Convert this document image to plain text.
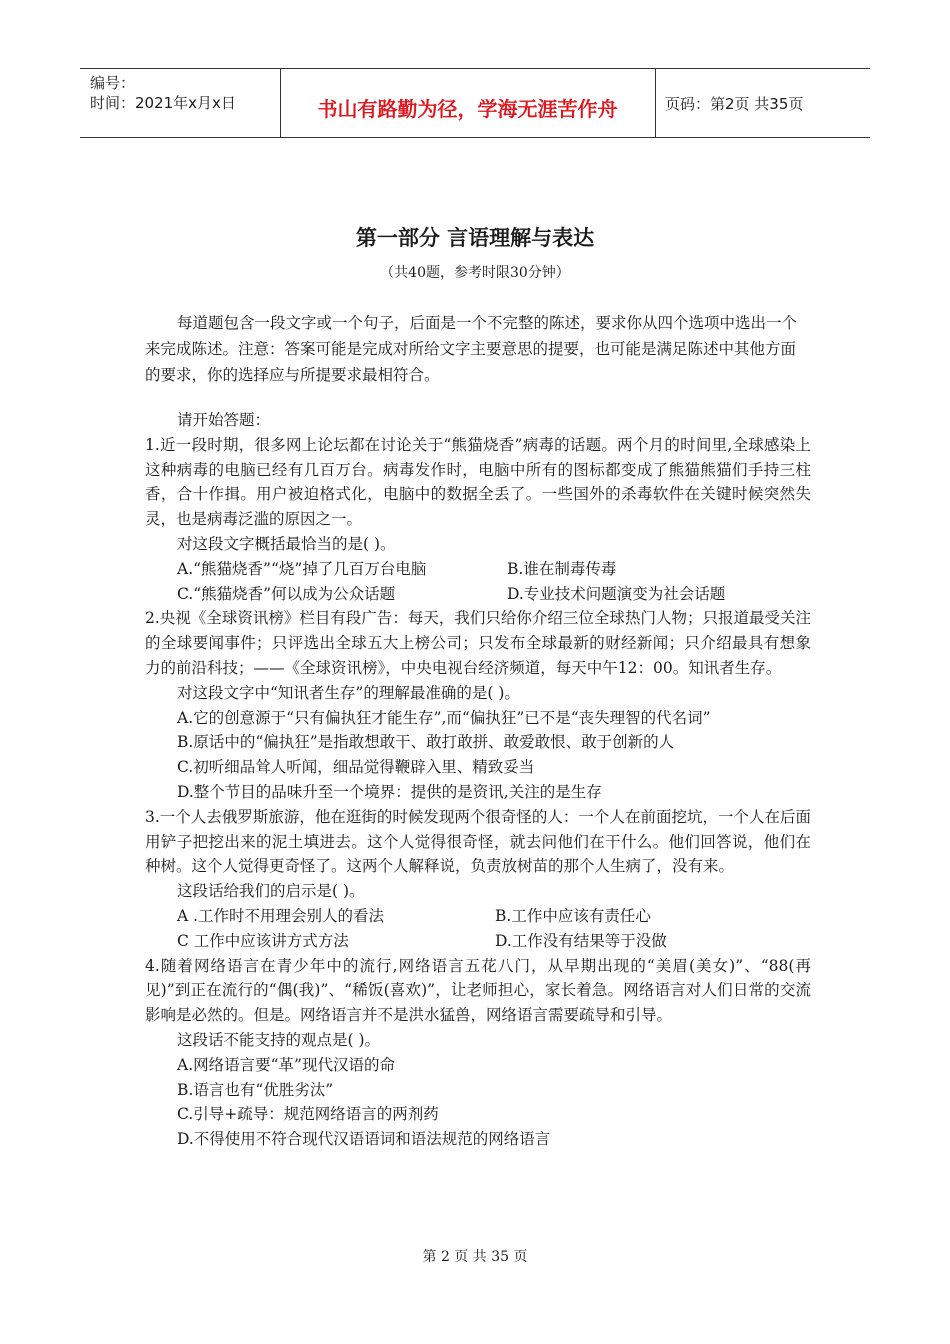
编号：
时间：2021年x月x日	书山有路勤为径，学海无涯苦作舟	页码：第2页 共35页
第一部分 言语理解与表达
（共40题，参考时限30分钟）
每道题包含一段文字或一个句子，后面是一个不完整的陈述，要求你从四个选项中选出一个来完成陈述。注意：答案可能是完成对所给文字主要意思的提要，也可能是满足陈述中其他方面的要求，你的选择应与所提要求最相符合。

请开始答题：

1.近一段时期，很多网上论坛都在讨论关于“熊猫烧香”病毒的话题。两个月的时间里,全球感染上这种病毒的电脑已经有几百万台。病毒发作时，电脑中所有的图标都变成了熊猫熊猫们手持三柱香，合十作揖。用户被迫格式化，电脑中的数据全丢了。一些国外的杀毒软件在关键时候突然失灵，也是病毒泛滥的原因之一。

对这段文字概括最恰当的是( )。

A.“熊猫烧香”“烧”掉了几百万台电脑	B.谁在制毒传毒
C.“熊猫烧香”何以成为公众话题	D.专业技术问题演变为社会话题

2.央视《全球资讯榜》栏目有段广告：每天，我们只给你介绍三位全球热门人物；只报道最受关注的全球要闻事件；只评选出全球五大上榜公司；只发布全球最新的财经新闻；只介绍最具有想象力的前沿科技；——《全球资讯榜》，中央电视台经济频道，每天中午12：00。知讯者生存。

对这段文字中“知讯者生存”的理解最准确的是( )。

A.它的创意源于“只有偏执狂才能生存”,而“偏执狂”已不是“丧失理智的代名词”

B.原话中的“偏执狂”是指敢想敢干、敢打敢拼、敢爱敢恨、敢于创新的人

C.初听细品耸人听闻，细品觉得鞭辟入里、精致妥当

D.整个节目的品味升至一个境界：提供的是资讯,关注的是生存

3.一个人去俄罗斯旅游，他在逛街的时候发现两个很奇怪的人：一个人在前面挖坑，一个人在后面用铲子把挖出来的泥土填进去。这个人觉得很奇怪，就去问他们在干什么。他们回答说，他们在种树。这个人觉得更奇怪了。这两个人解释说，负责放树苗的那个人生病了，没有来。

这段话给我们的启示是( )。

A .工作时不用理会别人的看法	B.工作中应该有责任心
C 工作中应该讲方式方法	D.工作没有结果等于没做

4.随着网络语言在青少年中的流行,网络语言五花八门，从早期出现的“美眉(美女)”、“88(再见)”到正在流行的“偶(我)”、“稀饭(喜欢)”，让老师担心，家长着急。网络语言对人们日常的交流影响是必然的。但是。网络语言并不是洪水猛兽，网络语言需要疏导和引导。

这段话不能支持的观点是( )。

A.网络语言要“革”现代汉语的命

B.语言也有“优胜劣汰”

C.引导+疏导：规范网络语言的两剂药

D.不得使用不符合现代汉语语词和语法规范的网络语言

第 2 页 共 35 页
